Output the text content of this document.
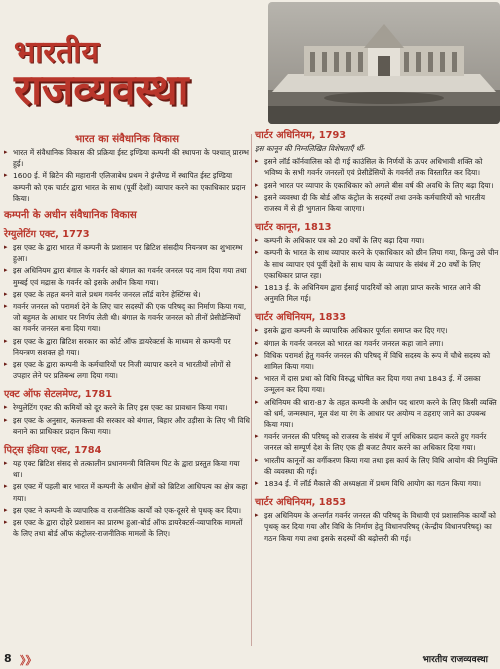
भारतीय
राजव्यवस्था
भारत का संवैधानिक विकास
▸ भारत में संवैधानिक विकास की प्रक्रिया ईस्ट इण्डिया कम्पनी की स्थापना के पश्चात् प्रारम्भ हुई।
▸ 1600 ई. में ब्रिटेन की महारानी एलिजाबेथ प्रथम ने इंग्लैण्ड में स्थापित ईस्ट इण्डिया कम्पनी को एक चार्टर द्वारा भारत के साथ (पूर्वी देशों) व्यापार करने का एकाधिकार प्रदान किया।
कम्पनी के अधीन संवैधानिक विकास
रेग्युलेटिंग एक्ट, 1773
▸ इस एक्ट के द्वारा भारत में कम्पनी के प्रशासन पर ब्रिटिश संसदीय नियन्त्रण का शुभारम्भ हुआ।
▸ इस अधिनियम द्वारा बंगाल के गवर्नर को बंगाल का गवर्नर जनरल पद नाम दिया गया तथा मुम्बई एवं मद्रास के गवर्नर को इसके अधीन किया गया।
▸ इस एक्ट के तहत बनने वाले प्रथम गवर्नर जनरल लॉर्ड वारेन हेस्टिंग्स थे।
▸ गवर्नर जनरल को परामर्श देने के लिए चार सदस्यों की एक परिषद् का निर्माण किया गया, जो बहुमत के आधार पर निर्णय लेती थी। बंगाल के गवर्नर जनरल को तीनों प्रेसीडेन्सियों का गवर्नर जनरल बना दिया गया।
▸ इस एक्ट के द्वारा ब्रिटिश सरकार का कोर्ट ऑफ डायरेक्टर्स के माध्यम से कम्पनी पर नियन्त्रण सशक्त हो गया।
▸ इस एक्ट के द्वारा कम्पनी के कर्मचारियों पर निजी व्यापार करने व भारतीयों लोगों से उपहार लेने पर प्रतिबन्ध लगा दिया गया।
एक्ट ऑफ सेटलमेण्ट, 1781
▸ रेग्युलेटिंग एक्ट की कमियों को दूर करने के लिए इस एक्ट का प्रावधान किया गया।
▸ इस एक्ट के अनुसार, कलकत्ता की सरकार को बंगाल, बिहार और उड़ीसा के लिए भी विधि बनाने का प्राधिकार प्रदान किया गया।
पिट्स इंडिया एक्ट, 1784
▸ यह एक्ट ब्रिटिश संसद से तत्कालीन प्रधानमन्त्री विलियम पिट के द्वारा प्रस्तुत किया गया था।
▸ इस एक्ट में पहली बार भारत में कम्पनी के अधीन क्षेत्रों को ब्रिटिश आधिपत्य का क्षेत्र कहा गया।
▸ इस एक्ट ने कम्पनी के व्यापारिक व राजनीतिक कार्यों को एक-दूसरे से पृथक् कर दिया।
▸ इस एक्ट के द्वारा दोहरे प्रशासन का प्रारम्भ हुआ-बोर्ड ऑफ डायरेक्टर्स-व्यापारिक मामलों के लिए तथा बोर्ड ऑफ कंट्रोलर-राजनीतिक मामलों के लिए।
चार्टर अधिनियम, 1793

इस कानून की निम्नलिखित विशेषताएँ थीं-

▸ इसने लॉर्ड कॉर्नवालिस को दी गई काउंसिल के निर्णयों के ऊपर अधिभावी शक्ति को भविष्य के सभी गवर्नर जनरलों एवं प्रेसीडेंसियों के गवर्नरों तक विस्तारित कर दिया।
▸ इसने भारत पर व्यापार के एकाधिकार को अगले बीस वर्ष की अवधि के लिए बढ़ा दिया।
▸ इसने व्यवस्था दी कि बोर्ड ऑफ कंट्रोल के सदस्यों तथा उनके कर्मचारियों को भारतीय राजस्व में से ही भुगतान किया जाएगा।
चार्टर कानून, 1813
▸ कम्पनी के अधिकार पत्र को 20 वर्षों के लिए बढ़ा दिया गया।
▸ कम्पनी के भारत के साथ व्यापार करने के एकाधिकार को छीन लिया गया, किन्तु उसे चीन के साथ व्यापार एवं पूर्वी देशों के साथ चाय के व्यापार के संबंध में 20 वर्षों के लिए एकाधिकार प्राप्त रहा।
▸ 1813 ई. के अधिनियम द्वारा ईसाई पादरियों को आज्ञा प्राप्त करके भारत आने की अनुमति मिल गई।
चार्टर अधिनियम, 1833
▸ इसके द्वारा कम्पनी के व्यापारिक अधिकार पूर्णतः समाप्त कर दिए गए।
▸ बंगाल के गवर्नर जनरल को भारत का गवर्नर जनरल कहा जाने लगा।
▸ विधिक परामर्श हेतु गवर्नर जनरल की परिषद् में विधि सदस्य के रूप में चौथे सदस्य को शामिल किया गया।
▸ भारत में दास प्रथा को विधि विरुद्ध घोषित कर दिया गया तथा 1843 ई. में उसका उन्मूलन कर दिया गया।
▸ अधिनियम की धारा-87 के तहत कम्पनी के अधीन पद धारण करने के लिए किसी व्यक्ति को धर्म, जन्मस्थान, मूल वंश या रंग के आधार पर अयोग्य न ठहराए जाने का उपबन्ध किया गया।
▸ गवर्नर जनरल की परिषद् को राजस्व के संबंध में पूर्ण अधिकार प्रदान करते हुए गवर्नर जनरल को सम्पूर्ण देश के लिए एक ही बजट तैयार करने का अधिकार दिया गया।
▸ भारतीय कानूनों का वर्गीकरण किया गया तथा इस कार्य के लिए विधि आयोग की नियुक्ति की व्यवस्था की गई।
▸ 1834 ई. में लॉर्ड मैकाले की अध्यक्षता में प्रथम विधि आयोग का गठन किया गया।
चार्टर अधिनियम, 1853
▸ इस अधिनियम के अन्तर्गत गवर्नर जनरल की परिषद् के विधायी एवं प्रशासनिक कार्यों को पृथक् कर दिया गया और विधि के निर्माण हेतु विधानपरिषद् (केन्द्रीय विधानपरिषद्) का गठन किया गया तथा इसके सदस्यों की बढ़ोत्तरी की गई।
8 》》	भारतीय राजव्यवस्था
